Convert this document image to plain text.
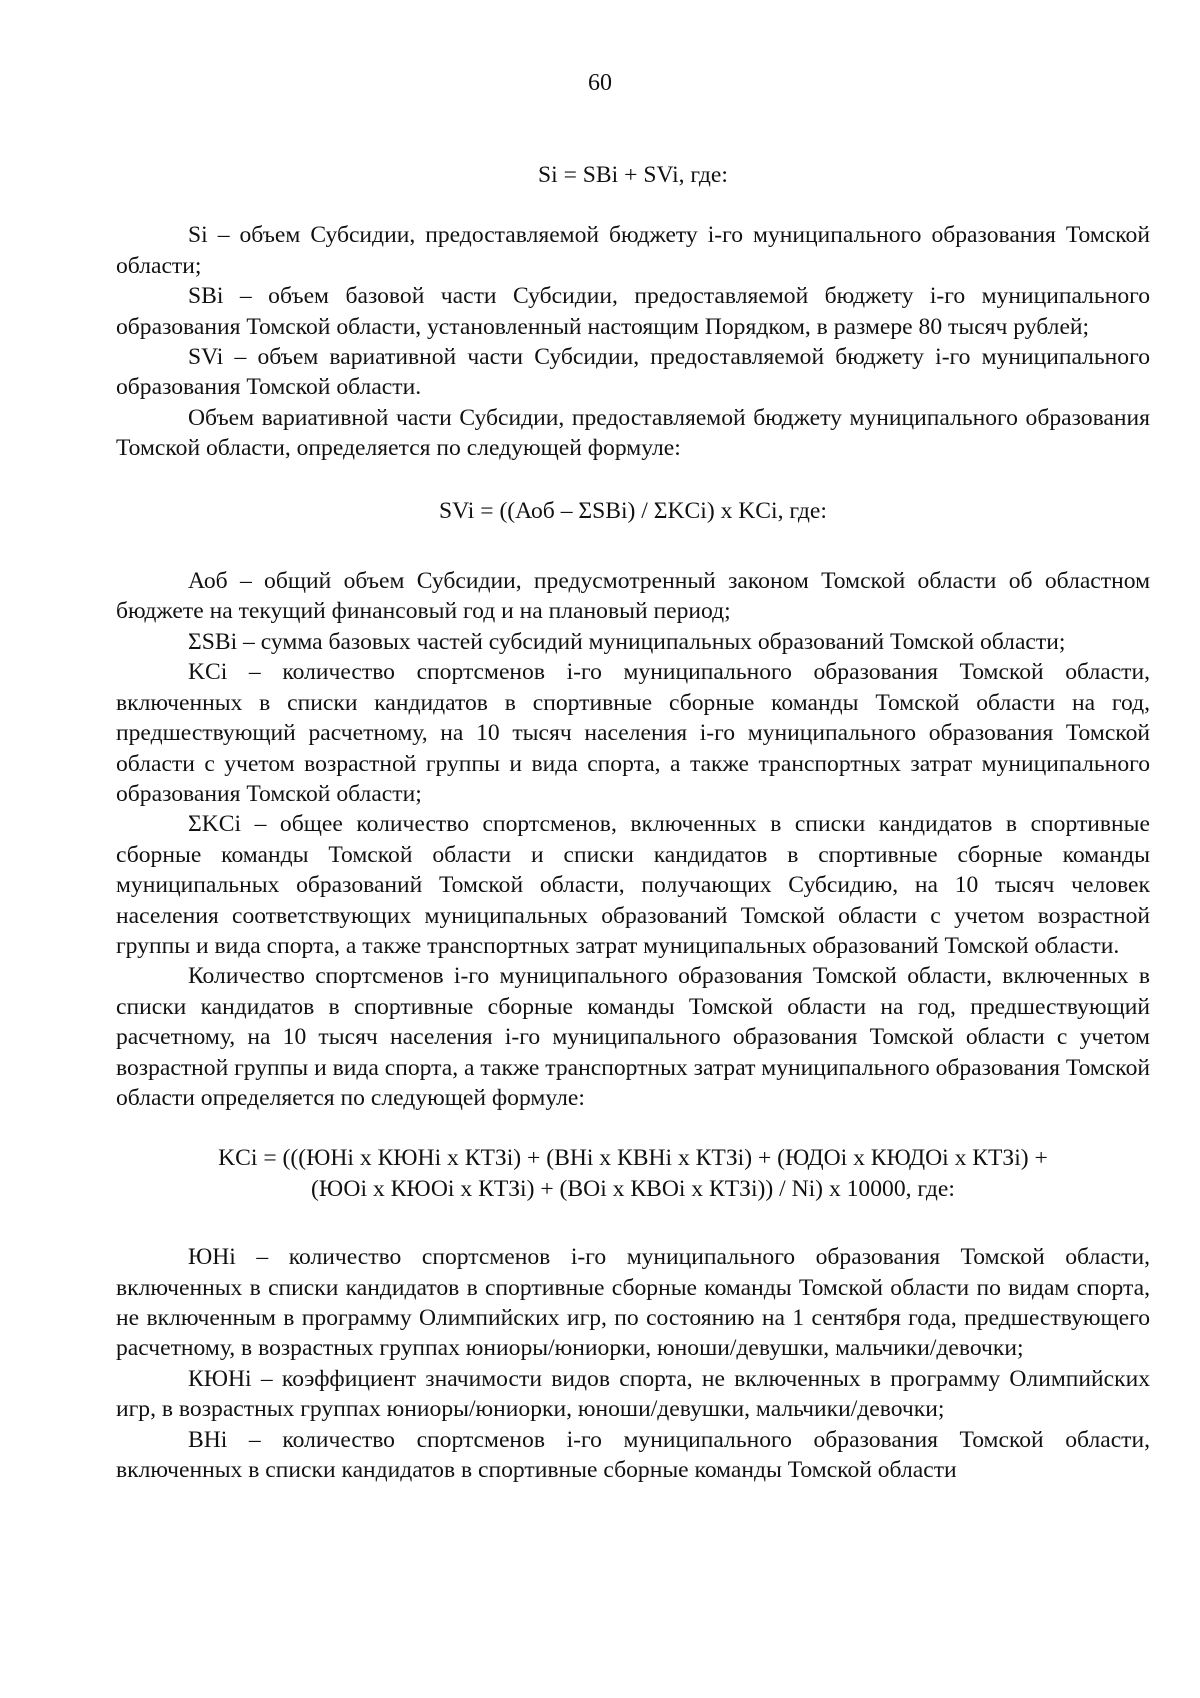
60

Si = SBi + SVi, где:

Si – объем Субсидии, предоставляемой бюджету i-го муниципального образования Томской области;

SBi – объем базовой части Субсидии, предоставляемой бюджету i-го муниципального образования Томской области, установленный настоящим Порядком, в размере 80 тысяч рублей;

SVi – объем вариативной части Субсидии, предоставляемой бюджету i-го муниципального образования Томской области.

Объем вариативной части Субсидии, предоставляемой бюджету муниципального образования Томской области, определяется по следующей формуле:

SVi = ((Аоб – ΣSBi) / ΣKCi) x KCi, где:

Аоб – общий объем Субсидии, предусмотренный законом Томской области об областном бюджете на текущий финансовый год и на плановый период;

ΣSBi – сумма базовых частей субсидий муниципальных образований Томской области;

KCi – количество спортсменов i-го муниципального образования Томской области, включенных в списки кандидатов в спортивные сборные команды Томской области на год, предшествующий расчетному, на 10 тысяч населения i-го муниципального образования Томской области с учетом возрастной группы и вида спорта, а также транспортных затрат муниципального образования Томской области;

ΣKCi – общее количество спортсменов, включенных в списки кандидатов в спортивные сборные команды Томской области и списки кандидатов в спортивные сборные команды муниципальных образований Томской области, получающих Субсидию, на 10 тысяч человек населения соответствующих муниципальных образований Томской области с учетом возрастной группы и вида спорта, а также транспортных затрат муниципальных образований Томской области.

Количество спортсменов i-го муниципального образования Томской области, включенных в списки кандидатов в спортивные сборные команды Томской области на год, предшествующий расчетному, на 10 тысяч населения i-го муниципального образования Томской области с учетом возрастной группы и вида спорта, а также транспортных затрат муниципального образования Томской области определяется по следующей формуле:

KCi = (((ЮНi x КЮНi x КТЗi) + (ВНi x КВНi x КТЗi) + (ЮДОi x КЮДОi x КТЗi) +
(ЮОi x КЮОi x КТЗi) + (ВОi x КВОi x КТЗi)) / Ni) x 10000, где:

ЮНi – количество спортсменов i-го муниципального образования Томской области, включенных в списки кандидатов в спортивные сборные команды Томской области по видам спорта, не включенным в программу Олимпийских игр, по состоянию на 1 сентября года, предшествующего расчетному, в возрастных группах юниоры/юниорки, юноши/девушки, мальчики/девочки;

КЮНi – коэффициент значимости видов спорта, не включенных в программу Олимпийских игр, в возрастных группах юниоры/юниорки, юноши/девушки, мальчики/девочки;

ВНi – количество спортсменов i-го муниципального образования Томской области, включенных в списки кандидатов в спортивные сборные команды Томской области
